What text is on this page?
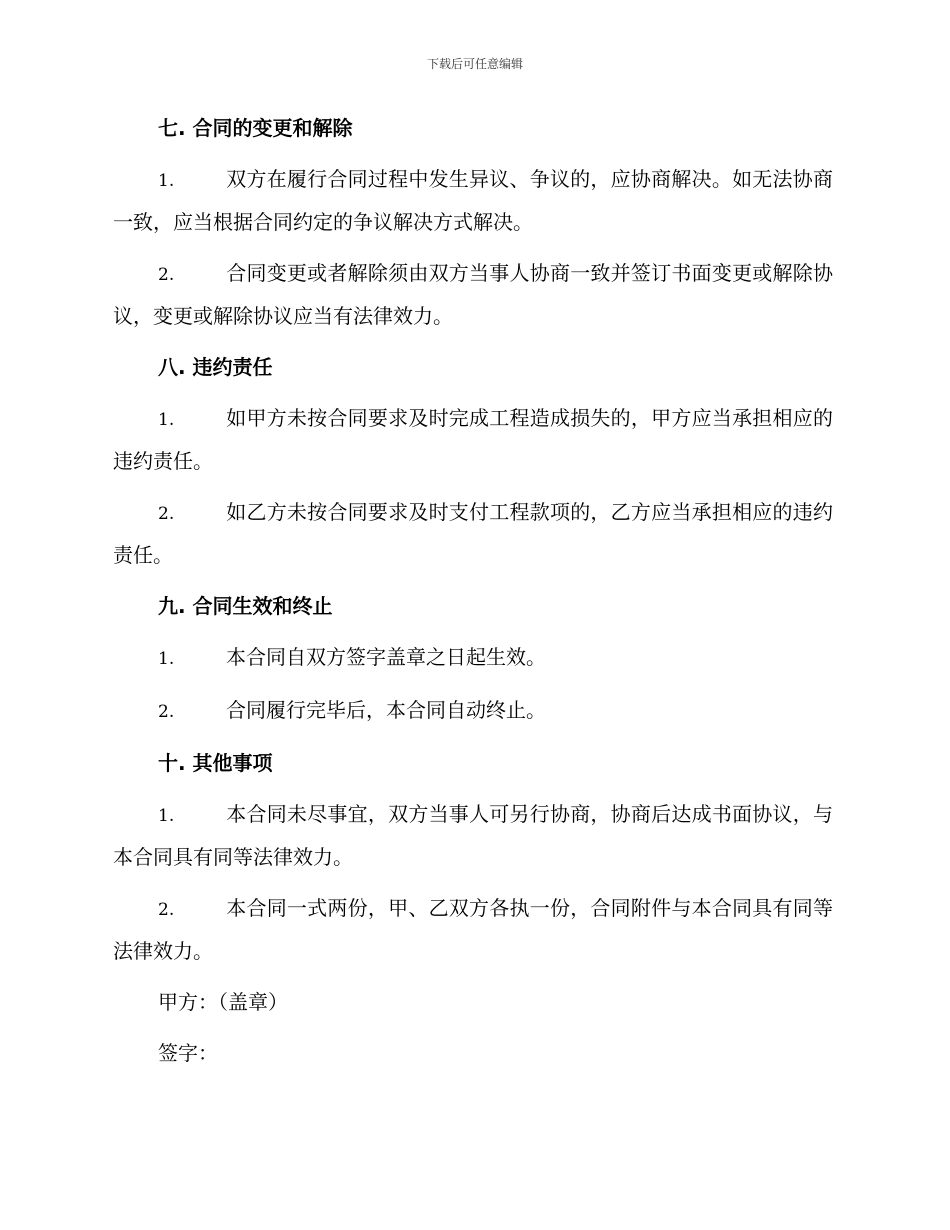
下载后可任意编辑
七. 合同的变更和解除
1.	双方在履行合同过程中发生异议、争议的，应协商解决。如无法协商一致，应当根据合同约定的争议解决方式解决。
2.	合同变更或者解除须由双方当事人协商一致并签订书面变更或解除协议，变更或解除协议应当有法律效力。
八. 违约责任
1.	如甲方未按合同要求及时完成工程造成损失的，甲方应当承担相应的违约责任。
2.	如乙方未按合同要求及时支付工程款项的，乙方应当承担相应的违约责任。
九. 合同生效和终止
1.	本合同自双方签字盖章之日起生效。
2.	合同履行完毕后，本合同自动终止。
十. 其他事项
1.	本合同未尽事宜，双方当事人可另行协商，协商后达成书面协议，与本合同具有同等法律效力。
2.	本合同一式两份，甲、乙双方各执一份，合同附件与本合同具有同等法律效力。
甲方：（盖章）
签字：
